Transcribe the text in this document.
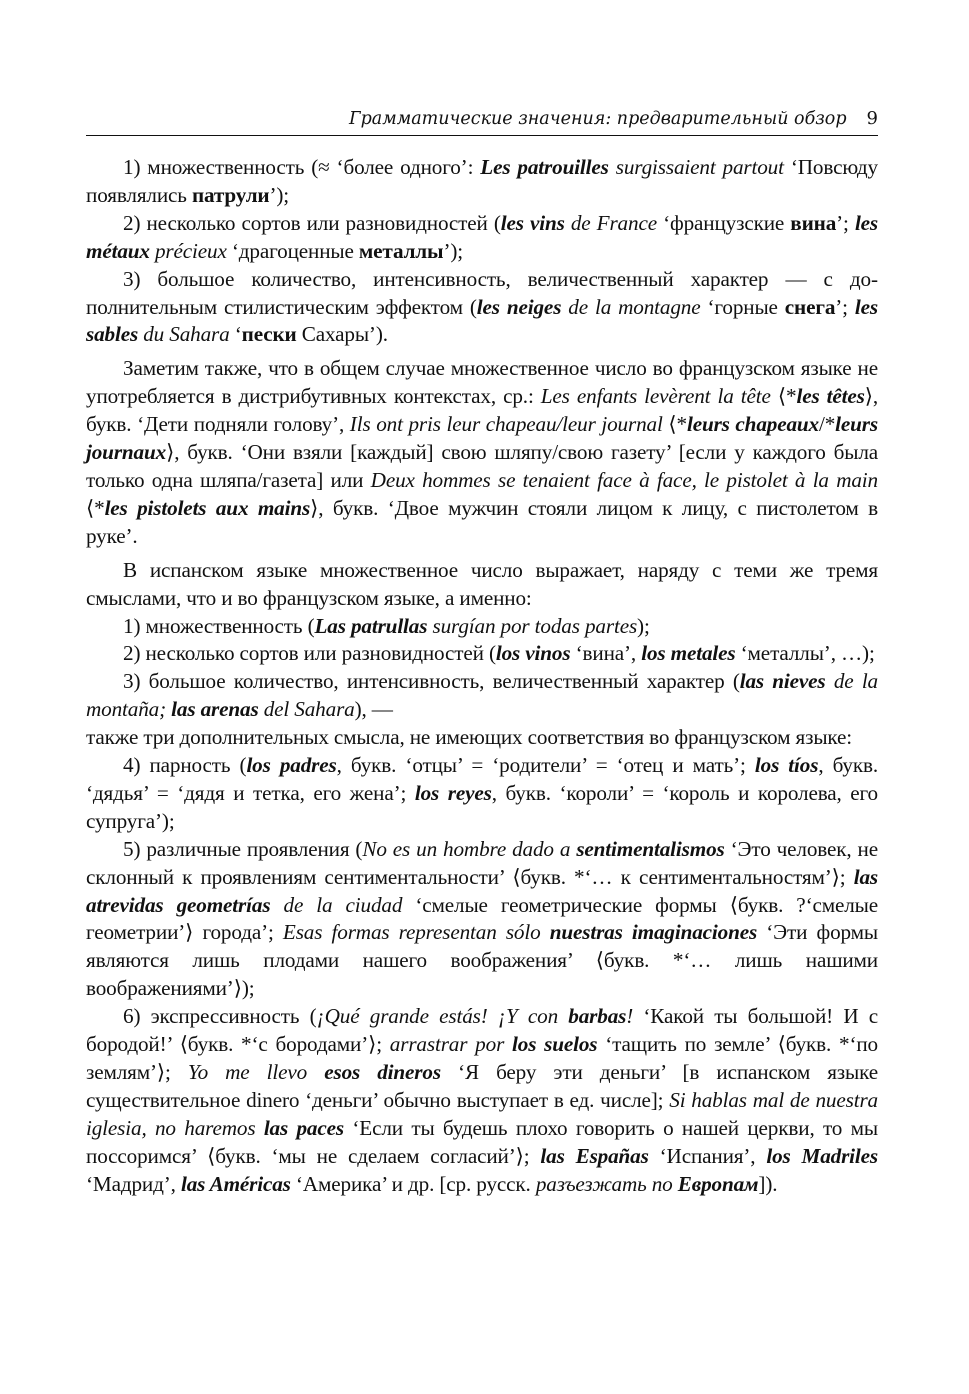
Грамматические значения: предварительный обзор 9

1) множественность (≈ ‘более одного’: Les patrouilles surgissaient partout ‘Повсюду появлялись патрули’);

2) несколько сортов или разновидностей (les vins de France ‘французские вина’; les métaux précieux ‘драгоценные металлы’);

3) большое количество, интенсивность, величественный характер — с дополнительным стилистическим эффектом (les neiges de la montagne ‘горные снега’; les sables du Sahara ‘пески Сахары’).

Заметим также, что в общем случае множественное число во французском языке не употребляется в дистрибутивных контекстах, ср.: Les enfants levèrent la tête ⟨*les têtes⟩, букв. ‘Дети подняли голову’, Ils ont pris leur chapeau/leur journal ⟨*leurs chapeaux/*leurs journaux⟩, букв. ‘Они взяли [каждый] свою шляпу/свою газету’ [если у каждого была только одна шляпа/газета] или Deux hommes se tenaient face à face, le pistolet à la main ⟨*les pistolets aux mains⟩, букв. ‘Двое мужчин стояли лицом к лицу, с пистолетом в руке’.

В испанском языке множественное число выражает, наряду с теми же тремя смыслами, что и во французском языке, а именно:

1) множественность (Las patrullas surgían por todas partes);

2) несколько сортов или разновидностей (los vinos ‘вина’, los metales ‘металлы’, …);

3) большое количество, интенсивность, величественный характер (las nieves de la montaña; las arenas del Sahara), —

также три дополнительных смысла, не имеющих соответствия во французском языке:

4) парность (los padres, букв. ‘отцы’ = ‘родители’ = ‘отец и мать’; los tíos, букв. ‘дядья’ = ‘дядя и тетка, его жена’; los reyes, букв. ‘короли’ = ‘король и королева, его супруга’);

5) различные проявления (No es un hombre dado a sentimentalismos ‘Это человек, не склонный к проявлениям сентиментальности’ ⟨букв. *‘… к сентиментальностям’⟩; las atrevidas geometrías de la ciudad ‘смелые геометрические формы ⟨букв. ?‘смелые геометрии’⟩ города’; Esas formas representan sólo nuestras imaginaciones ‘Эти формы являются лишь плодами нашего воображения’ ⟨букв. *‘… лишь нашими воображениями’⟩);

6) экспрессивность (¡Qué grande estás! ¡Y con barbas! ‘Какой ты большой! И с бородой!’ ⟨букв. *‘с бородами’⟩; arrastrar por los suelos ‘тащить по земле’ ⟨букв. *‘по землям’⟩; Yo me llevo esos dineros ‘Я беру эти деньги’ [в испанском языке существительное dinero ‘деньги’ обычно выступает в ед. числе]; Si hablas mal de nuestra iglesia, no haremos las paces ‘Если ты будешь плохо говорить о нашей церкви, то мы поссоримся’ ⟨букв. ‘мы не сделаем согласий’⟩; las Españas ‘Испания’, los Madriles ‘Мадрид’, las Américas ‘Америка’ и др. [ср. русск. разъезжать по Европам]).
